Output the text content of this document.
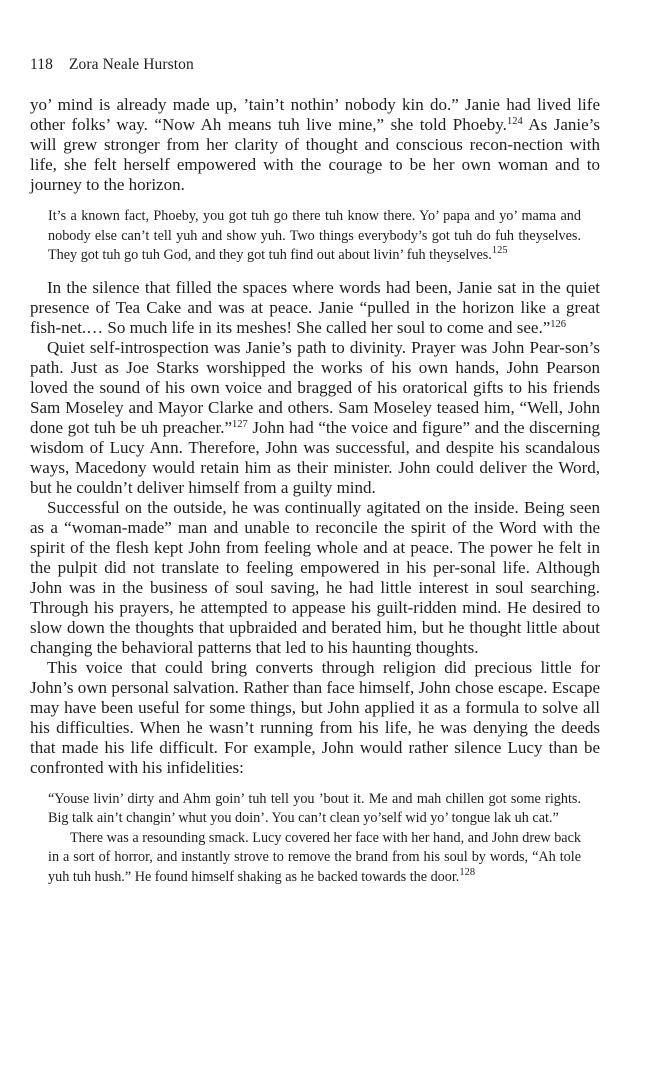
118 Zora Neale Hurston

yo’ mind is already made up, ’tain’t nothin’ nobody kin do.” Janie had lived life other folks’ way. “Now Ah means tuh live mine,” she told Phoeby.$^{124}$ As Janie’s will grew stronger from her clarity of thought and conscious recon-nection with life, she felt herself empowered with the courage to be her own woman and to journey to the horizon.

It’s a known fact, Phoeby, you got tuh go there tuh know there. Yo’ papa and yo’ mama and nobody else can’t tell yuh and show yuh. Two things everybody’s got tuh do fuh theyselves. They got tuh go tuh God, and they got tuh find out about livin’ fuh theyselves.$^{125}$

In the silence that filled the spaces where words had been, Janie sat in the quiet presence of Tea Cake and was at peace. Janie “pulled in the horizon like a great fish-net.… So much life in its meshes! She called her soul to come and see.”$^{126}$

Quiet self-introspection was Janie’s path to divinity. Prayer was John Pear-son’s path. Just as Joe Starks worshipped the works of his own hands, John Pearson loved the sound of his own voice and bragged of his oratorical gifts to his friends Sam Moseley and Mayor Clarke and others. Sam Moseley teased him, “Well, John done got tuh be uh preacher.”$^{127}$ John had “the voice and figure” and the discerning wisdom of Lucy Ann. Therefore, John was successful, and despite his scandalous ways, Macedony would retain him as their minister. John could deliver the Word, but he couldn’t deliver himself from a guilty mind.

Successful on the outside, he was continually agitated on the inside. Being seen as a “woman-made” man and unable to reconcile the spirit of the Word with the spirit of the flesh kept John from feeling whole and at peace. The power he felt in the pulpit did not translate to feeling empowered in his per-sonal life. Although John was in the business of soul saving, he had little interest in soul searching. Through his prayers, he attempted to appease his guilt-ridden mind. He desired to slow down the thoughts that upbraided and berated him, but he thought little about changing the behavioral patterns that led to his haunting thoughts.

This voice that could bring converts through religion did precious little for John’s own personal salvation. Rather than face himself, John chose escape. Escape may have been useful for some things, but John applied it as a formula to solve all his difficulties. When he wasn’t running from his life, he was denying the deeds that made his life difficult. For example, John would rather silence Lucy than be confronted with his infidelities:

“Youse livin’ dirty and Ahm goin’ tuh tell you ’bout it. Me and mah chillen got some rights. Big talk ain’t changin’ whut you doin’. You can’t clean yo’self wid yo’ tongue lak uh cat.”

There was a resounding smack. Lucy covered her face with her hand, and John drew back in a sort of horror, and instantly strove to remove the brand from his soul by words, “Ah tole yuh tuh hush.” He found himself shaking as he backed towards the door.$^{128}$
